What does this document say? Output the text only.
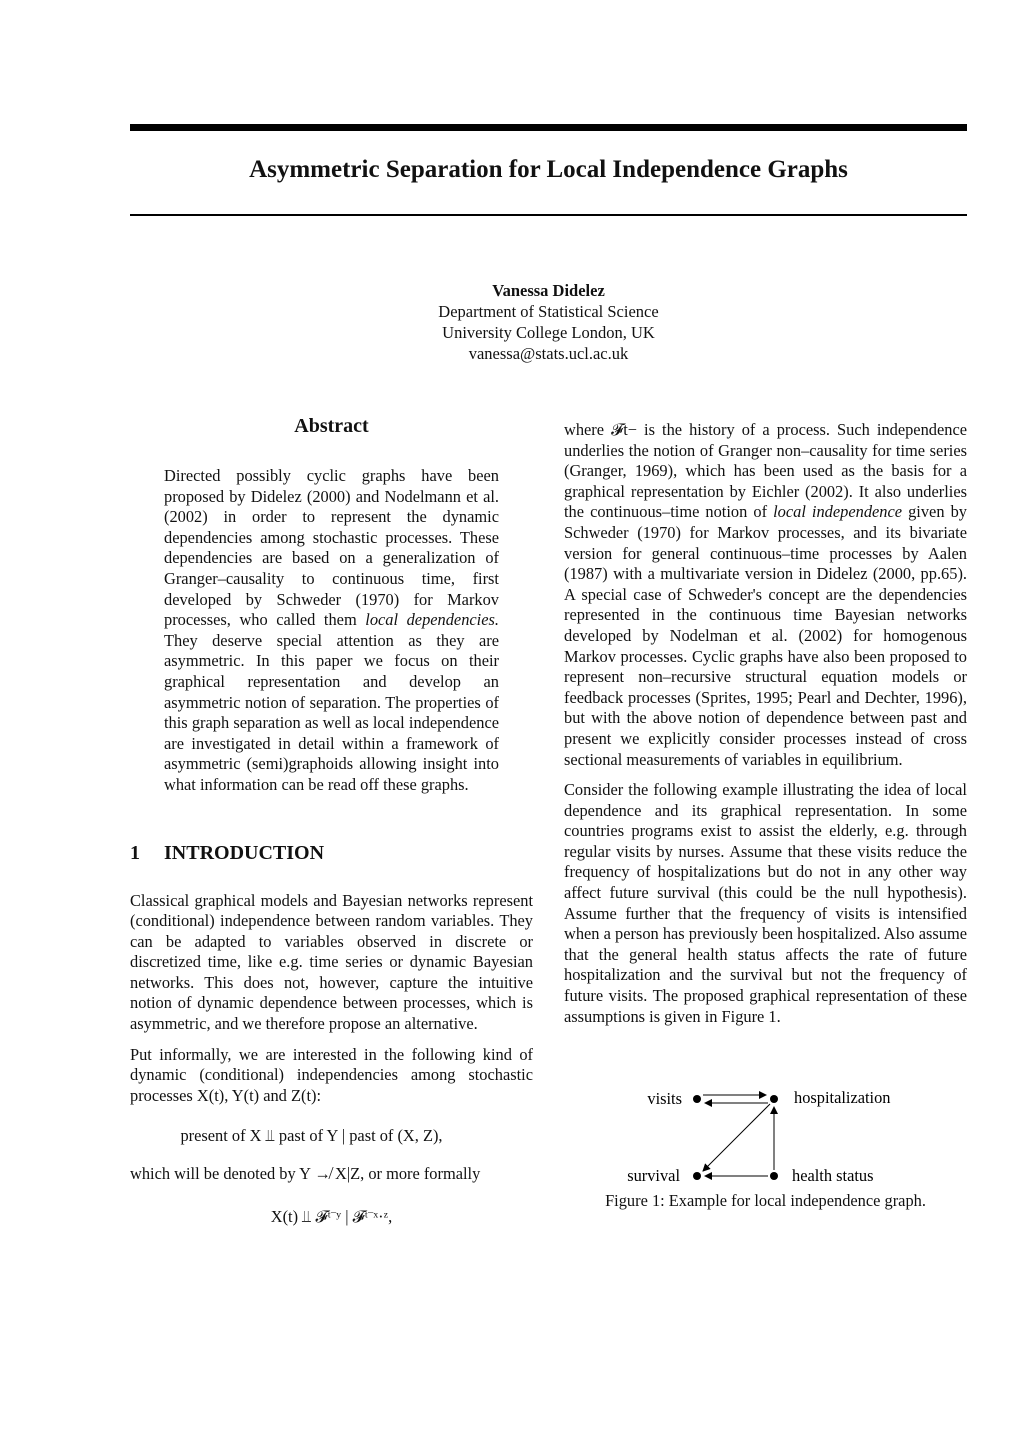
Asymmetric Separation for Local Independence Graphs
Vanessa Didelez
Department of Statistical Science
University College London, UK
vanessa@stats.ucl.ac.uk
Abstract

Directed possibly cyclic graphs have been proposed by Didelez (2000) and Nodelmann et al. (2002) in order to represent the dynamic dependencies among stochastic processes. These dependencies are based on a generalization of Granger–causality to continuous time, first developed by Schweder (1970) for Markov processes, who called them local dependencies. They deserve special attention as they are asymmetric. In this paper we focus on their graphical representation and develop an asymmetric notion of separation. The properties of this graph separation as well as local independence are investigated in detail within a framework of asymmetric (semi)graphoids allowing insight into what information can be read off these graphs.

1 INTRODUCTION

Classical graphical models and Bayesian networks represent (conditional) independence between random variables. They can be adapted to variables observed in discrete or discretized time, like e.g. time series or dynamic Bayesian networks. This does not, however, capture the intuitive notion of dynamic dependence between processes, which is asymmetric, and we therefore propose an alternative.

Put informally, we are interested in the following kind of dynamic (conditional) independencies among stochastic processes X(t), Y(t) and Z(t):

present of X ⫫ past of Y | past of (X, Z),

which will be denoted by Y ↛ X|Z, or more formally

X(t) ⫫ 𝓕ᵗ⁻ʸ | 𝓕ᵗ⁻ˣ·ᶻ,

where 𝓕t− is the history of a process. Such independence underlies the notion of Granger non–causality for time series (Granger, 1969), which has been used as the basis for a graphical representation by Eichler (2002). It also underlies the continuous–time notion of local independence given by Schweder (1970) for Markov processes, and its bivariate version for general continuous–time processes by Aalen (1987) with a multivariate version in Didelez (2000, pp.65). A special case of Schweder's concept are the dependencies represented in the continuous time Bayesian networks developed by Nodelman et al. (2002) for homogenous Markov processes. Cyclic graphs have also been proposed to represent non–recursive structural equation models or feedback processes (Sprites, 1995; Pearl and Dechter, 1996), but with the above notion of dependence between past and present we explicitly consider processes instead of cross sectional measurements of variables in equilibrium.

Consider the following example illustrating the idea of local dependence and its graphical representation. In some countries programs exist to assist the elderly, e.g. through regular visits by nurses. Assume that these visits reduce the frequency of hospitalizations but do not in any other way affect future survival (this could be the null hypothesis). Assume further that the frequency of visits is intensified when a person has previously been hospitalized. Also assume that the general health status affects the rate of future hospitalization and the survival but not the frequency of future visits. The proposed graphical representation of these assumptions is given in Figure 1.

visits	hospitalization
survival	health status
Figure 1: Example for local independence graph.
